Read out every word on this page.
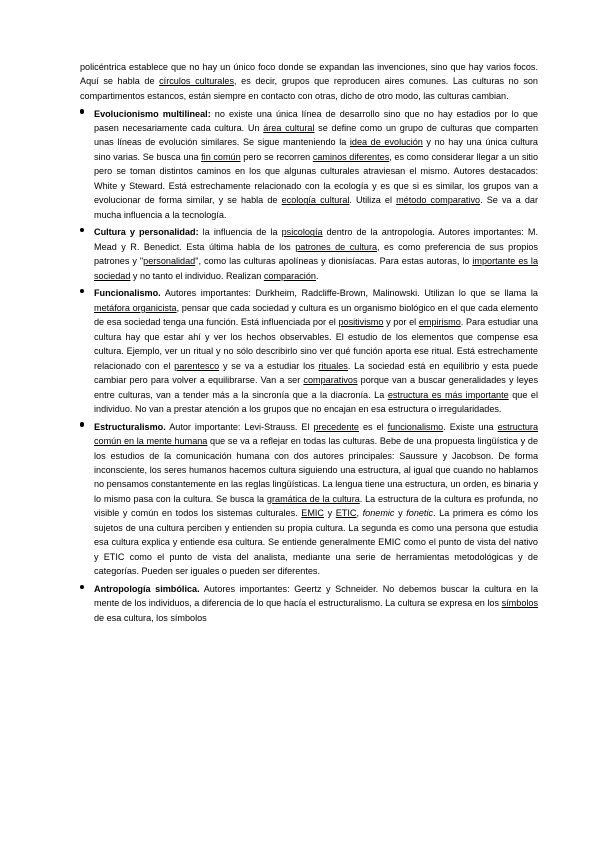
policéntrica establece que no hay un único foco donde se expandan las invenciones, sino que hay varios focos. Aquí se habla de círculos culturales, es decir, grupos que reproducen aires comunes. Las culturas no son compartimentos estancos, están siempre en contacto con otras, dicho de otro modo, las culturas cambian.
Evolucionismo multilineal: no existe una única línea de desarrollo sino que no hay estadios por lo que pasen necesariamente cada cultura. Un área cultural se define como un grupo de culturas que comparten unas líneas de evolución similares. Se sigue manteniendo la idea de evolución y no hay una única cultura sino varias. Se busca una fin común pero se recorren caminos diferentes, es como considerar llegar a un sitio pero se toman distintos caminos en los que algunas culturales atraviesan el mismo. Autores destacados: White y Steward. Está estrechamente relacionado con la ecología y es que si es similar, los grupos van a evolucionar de forma similar, y se habla de ecología cultural. Utiliza el método comparativo. Se va a dar mucha influencia a la tecnología.
Cultura y personalidad: la influencia de la psicología dentro de la antropología. Autores importantes: M. Mead y R. Benedict. Esta última habla de los patrones de cultura, es como preferencia de sus propios patrones y "personalidad", como las culturas apolíneas y dionisíacas. Para estas autoras, lo importante es la sociedad y no tanto el individuo. Realizan comparación.
Funcionalismo. Autores importantes: Durkheim, Radcliffe-Brown, Malinowski. Utilizan lo que se llama la metáfora organicista, pensar que cada sociedad y cultura es un organismo biológico en el que cada elemento de esa sociedad tenga una función. Está influenciada por el positivismo y por el empirismo. Para estudiar una cultura hay que estar ahí y ver los hechos observables. El estudio de los elementos que compense esa cultura. Ejemplo, ver un ritual y no sólo describirlo sino ver qué función aporta ese ritual. Está estrechamente relacionado con el parentesco y se va a estudiar los rituales. La sociedad está en equilibrio y esta puede cambiar pero para volver a equilibrarse. Van a ser comparativos porque van a buscar generalidades y leyes entre culturas, van a tender más a la sincronía que a la diacronía. La estructura es más importante que el individuo. No van a prestar atención a los grupos que no encajan en esa estructura o irregularidades.
Estructuralismo. Autor importante: Levi-Strauss. El precedente es el funcionalismo. Existe una estructura común en la mente humana que se va a reflejar en todas las culturas. Bebe de una propuesta lingüística y de los estudios de la comunicación humana con dos autores principales: Saussure y Jacobson. De forma inconsciente, los seres humanos hacemos cultura siguiendo una estructura, al igual que cuando no hablamos no pensamos constantemente en las reglas lingüísticas. La lengua tiene una estructura, un orden, es binaria y lo mismo pasa con la cultura. Se busca la gramática de la cultura. La estructura de la cultura es profunda, no visible y común en todos los sistemas culturales. EMIC y ETIC, fonemic y fonetic. La primera es cómo los sujetos de una cultura perciben y entienden su propia cultura. La segunda es como una persona que estudia esa cultura explica y entiende esa cultura. Se entiende generalmente EMIC como el punto de vista del nativo y ETIC como el punto de vista del analista, mediante una serie de herramientas metodológicas y de categorías. Pueden ser iguales o pueden ser diferentes.
Antropología simbólica. Autores importantes: Geertz y Schneider. No debemos buscar la cultura en la mente de los individuos, a diferencia de lo que hacía el estructuralismo. La cultura se expresa en los símbolos de esa cultura, los símbolos
